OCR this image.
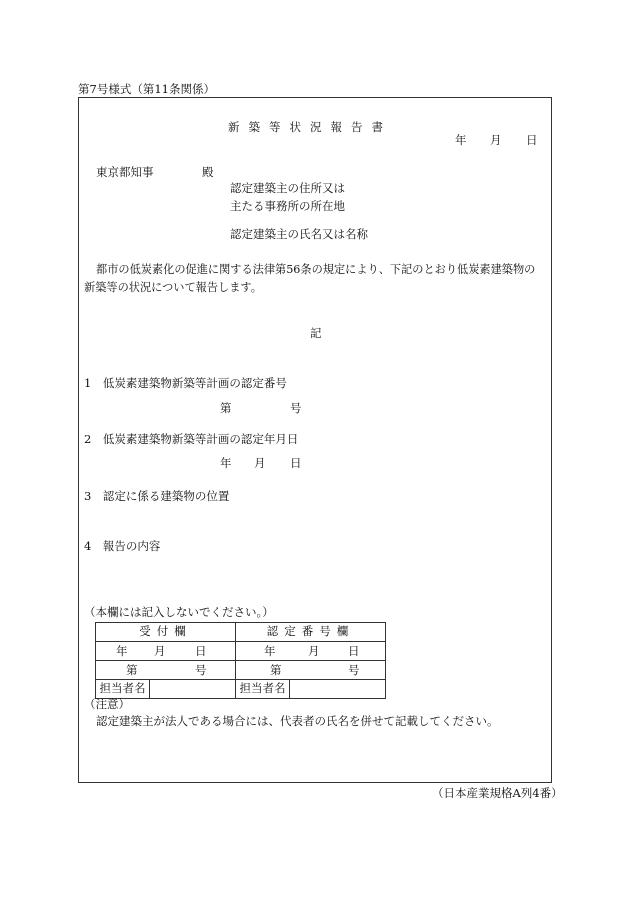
第7号様式（第11条関係）
新築等状況報告書
年 月 日
東京都知事	殿
認定建築主の住所又は
主たる事務所の所在地
認定建築主の氏名又は名称
都市の低炭素化の促進に関する法律第56条の規定により、下記のとおり低炭素建築物の
新築等の状況について報告します。
記
1　低炭素建築物新築等計画の認定番号
第	号
2　低炭素建築物新築等計画の認定年月日
年 月 日
3　認定に係る建築物の位置
4　報告の内容
（本欄には記入しないでください。）
受付欄		認定番号欄	

年 月 日		年 月 日	

第 号		第 号	

担当者名		担当者名	
（注意）
認定建築主が法人である場合には、代表者の氏名を併せて記載してください。
（日本産業規格A列4番）
